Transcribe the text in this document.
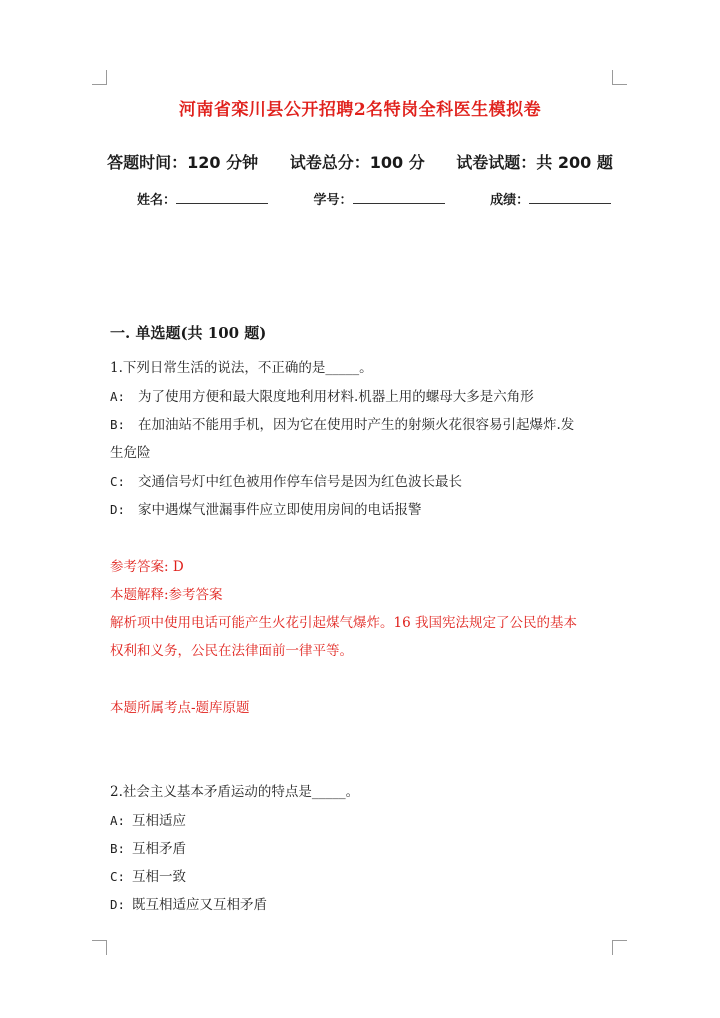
河南省栾川县公开招聘2名特岗全科医生模拟卷
答题时间：120 分钟 试卷总分：100 分 试卷试题：共 200 题
姓名：	学号：	成绩：
一. 单选题(共 100 题)
1.下列日常生活的说法，不正确的是_____。
A: 为了使用方便和最大限度地利用材料.机器上用的螺母大多是六角形
B: 在加油站不能用手机，因为它在使用时产生的射频火花很容易引起爆炸.发
生危险
C: 交通信号灯中红色被用作停车信号是因为红色波长最长
D: 家中遇煤气泄漏事件应立即使用房间的电话报警
参考答案: D
本题解释:参考答案
解析项中使用电话可能产生火花引起煤气爆炸。16 我国宪法规定了公民的基本
权利和义务，公民在法律面前一律平等。
本题所属考点-题库原题
2.社会主义基本矛盾运动的特点是_____。
A: 互相适应
B: 互相矛盾
C: 互相一致
D: 既互相适应又互相矛盾
